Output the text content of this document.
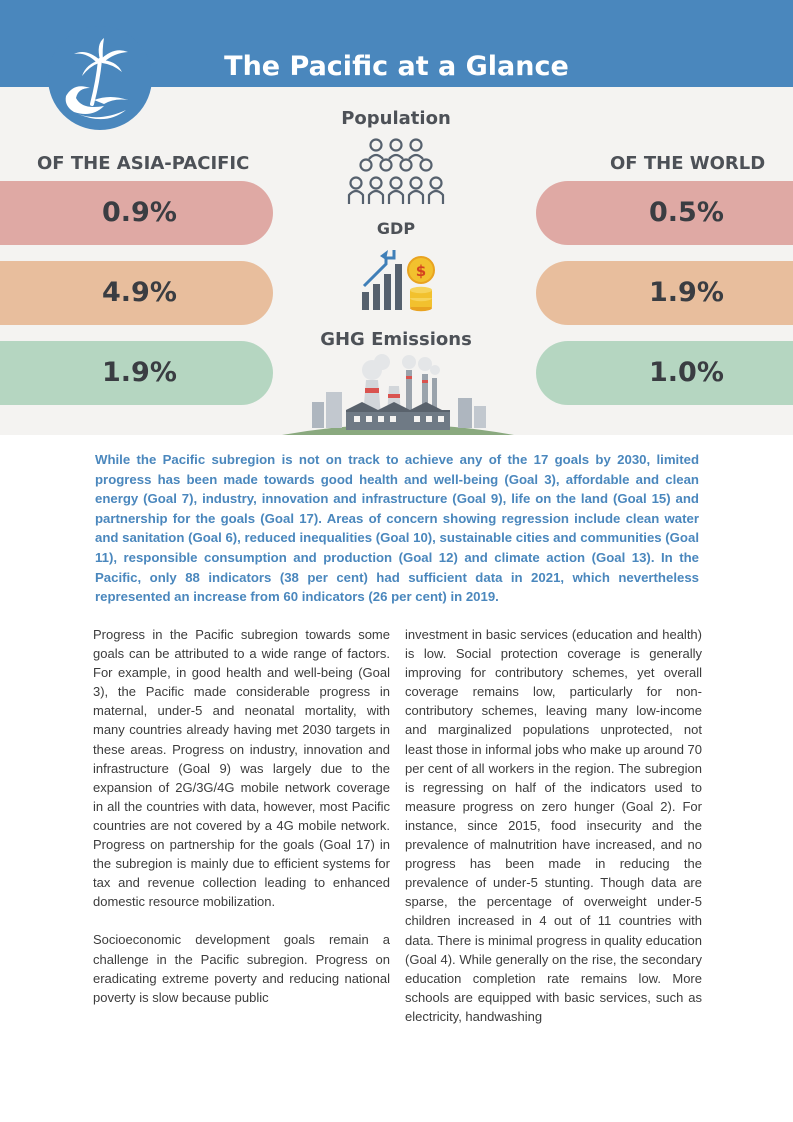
The Pacific at a Glance
OF THE ASIA-PACIFIC	OF THE WORLD
0.9%	0.5%
Population
4.9%	1.9%
GDP
$
1.9%	1.0%
GHG Emissions
While the Pacific subregion is not on track to achieve any of the 17 goals by 2030, limited progress has been made towards good health and well-being (Goal 3), affordable and clean energy (Goal 7), industry, innovation and infrastructure (Goal 9), life on the land (Goal 15) and partnership for the goals (Goal 17). Areas of concern showing regression include clean water and sanitation (Goal 6), reduced inequalities (Goal 10), sustainable cities and communities (Goal 11), responsible consumption and production (Goal 12) and climate action (Goal 13). In the Pacific, only 88 indicators (38 per cent) had sufficient data in 2021, which nevertheless represented an increase from 60 indicators (26 per cent) in 2019.

Progress in the Pacific subregion towards some goals can be attributed to a wide range of factors. For example, in good health and well-being (Goal 3), the Pacific made considerable progress in maternal, under-5 and neonatal mortality, with many countries already having met 2030 targets in these areas. Progress on industry, innovation and infrastructure (Goal 9) was largely due to the expansion of 2G/3G/4G mobile network coverage in all the countries with data, however, most Pacific countries are not covered by a 4G mobile network. Progress on partnership for the goals (Goal 17) in the subregion is mainly due to efficient systems for tax and revenue collection leading to enhanced domestic resource mobilization.

Socioeconomic development goals remain a challenge in the Pacific subregion. Progress on eradicating extreme poverty and reducing national poverty is slow because public

investment in basic services (education and health) is low. Social protection coverage is generally improving for contributory schemes, yet overall coverage remains low, particularly for non-contributory schemes, leaving many low-income and marginalized populations unprotected, not least those in informal jobs who make up around 70 per cent of all workers in the region. The subregion is regressing on half of the indicators used to measure progress on zero hunger (Goal 2). For instance, since 2015, food insecurity and the prevalence of malnutrition have increased, and no progress has been made in reducing the prevalence of under-5 stunting. Though data are sparse, the percentage of overweight under-5 children increased in 4 out of 11 countries with data. There is minimal progress in quality education (Goal 4). While generally on the rise, the secondary education completion rate remains low. More schools are equipped with basic services, such as electricity, handwashing
